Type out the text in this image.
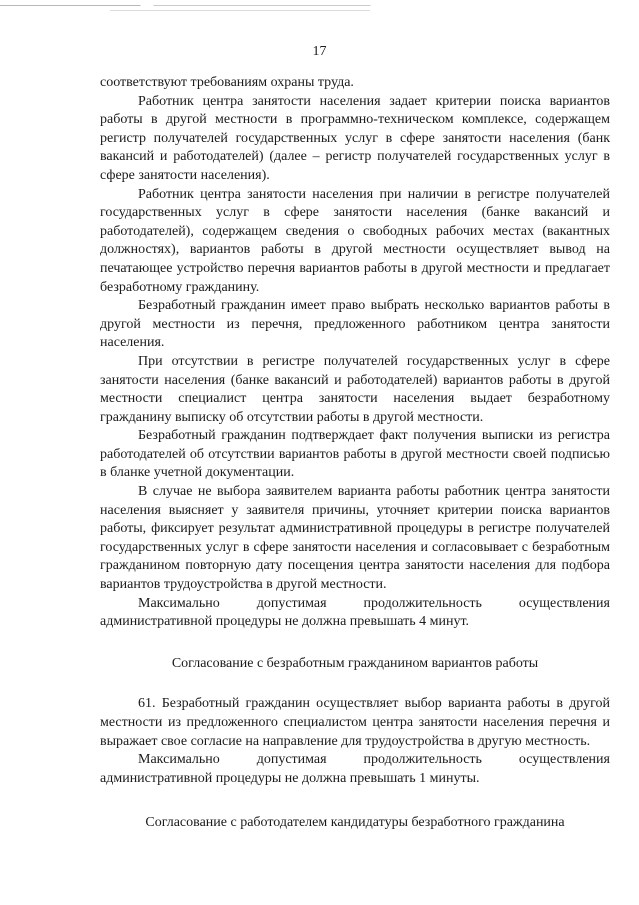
17

соответствуют требованиям охраны труда.

Работник центра занятости населения задает критерии поиска вариантов работы в другой местности в программно-техническом комплексе, содержащем регистр получателей государственных услуг в сфере занятости населения (банк вакансий и работодателей) (далее – регистр получателей государственных услуг в сфере занятости населения).

Работник центра занятости населения при наличии в регистре получателей государственных услуг в сфере занятости населения (банке вакансий и работодателей), содержащем сведения о свободных рабочих местах (вакантных должностях), вариантов работы в другой местности осуществляет вывод на печатающее устройство перечня вариантов работы в другой местности и предлагает безработному гражданину.

Безработный гражданин имеет право выбрать несколько вариантов работы в другой местности из перечня, предложенного работником центра занятости населения.

При отсутствии в регистре получателей государственных услуг в сфере занятости населения (банке вакансий и работодателей) вариантов работы в другой местности специалист центра занятости населения выдает безработному гражданину выписку об отсутствии работы в другой местности.

Безработный гражданин подтверждает факт получения выписки из регистра работодателей об отсутствии вариантов работы в другой местности своей подписью в бланке учетной документации.

В случае не выбора заявителем варианта работы работник центра занятости населения выясняет у заявителя причины, уточняет критерии поиска вариантов работы, фиксирует результат административной процедуры в регистре получателей государственных услуг в сфере занятости населения и согласовывает с безработным гражданином повторную дату посещения центра занятости населения для подбора вариантов трудоустройства в другой местности.

Максимально	допустимая	продолжительность	осуществления

административной процедуры не должна превышать 4 минут.

Согласование с безработным гражданином вариантов работы

61. Безработный гражданин осуществляет выбор варианта работы в другой местности из предложенного специалистом центра занятости населения перечня и выражает свое согласие на направление для трудоустройства в другую местность.

Максимально	допустимая	продолжительность	осуществления

административной процедуры не должна превышать 1 минуты.

Согласование с работодателем кандидатуры безработного гражданина
